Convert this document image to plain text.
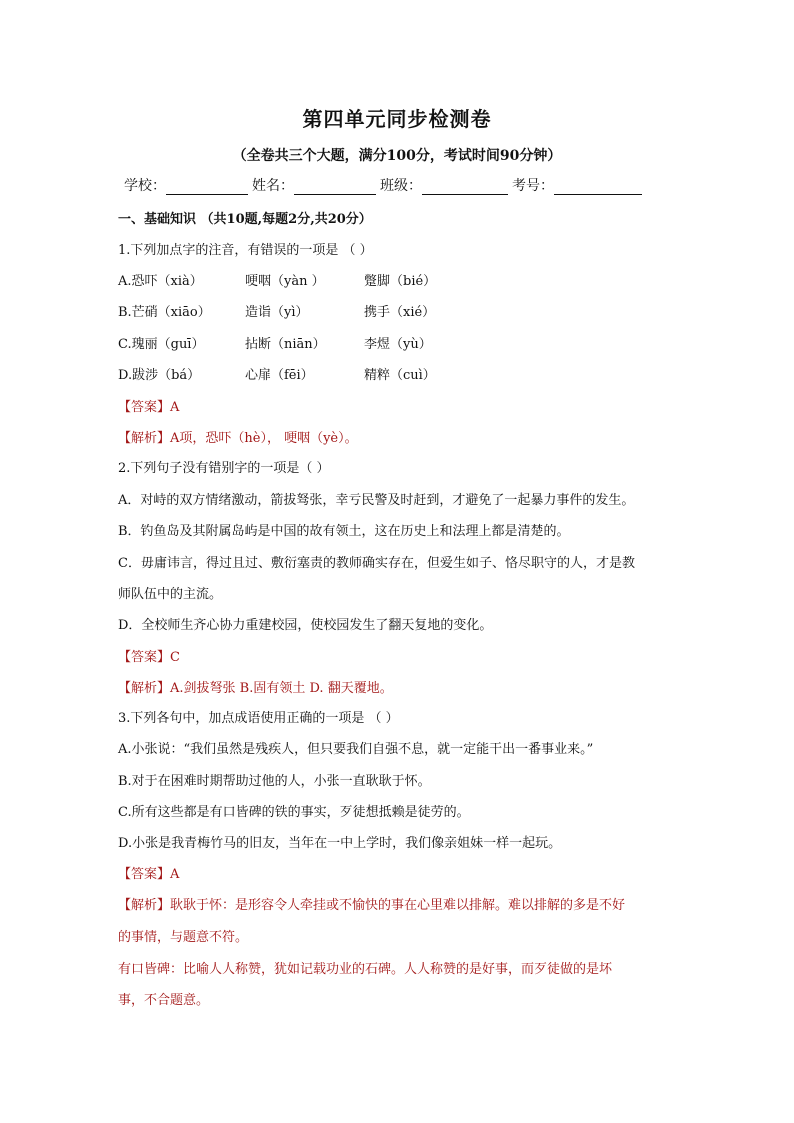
第四单元同步检测卷
（全卷共三个大题，满分100分，考试时间90分钟）
学校：	姓名：	班级：	考号：
一、基础知识 （共10题,每题2分,共20分）
1.下列加点字的注音，有错误的一项是 （ ）
A.恐吓（xià）	哽咽（yàn ）	蹩脚（bié）
B.芒硝（xiāo）	造诣（yì）	携手（xié）
C.瑰丽（guī）	拈断（niān）	李煜（yù）
D.跋涉（bá）	心扉（fēi）	精粹（cuì）
【答案】A
【解析】A项，恐吓（hè）， 哽咽（yè）。
2.下列句子没有错别字的一项是（ ）
A．对峙的双方情绪激动，箭拔驽张，幸亏民警及时赶到，才避免了一起暴力事件的发生。
B．钓鱼岛及其附属岛屿是中国的故有领土，这在历史上和法理上都是清楚的。
C．毋庸讳言，得过且过、敷衍塞责的教师确实存在，但爱生如子、恪尽职守的人，才是教
师队伍中的主流。
D．全校师生齐心协力重建校园，使校园发生了翻天复地的变化。
【答案】C
【解析】A.剑拔弩张 B.固有领土 D. 翻天覆地。
3.下列各句中，加点成语使用正确的一项是 （ ）
A.小张说：“我们虽然是残疾人，但只要我们自强不息，就一定能干出一番事业来。”
B.对于在困难时期帮助过他的人，小张一直耿耿于怀。
C.所有这些都是有口皆碑的铁的事实，歹徒想抵赖是徒劳的。
D.小张是我青梅竹马的旧友，当年在一中上学时，我们像亲姐妹一样一起玩。
【答案】A
【解析】耿耿于怀：是形容令人牵挂或不愉快的事在心里难以排解。难以排解的多是不好
的事情，与题意不符。
有口皆碑：比喻人人称赞，犹如记载功业的石碑。人人称赞的是好事，而歹徒做的是坏
事，不合题意。
